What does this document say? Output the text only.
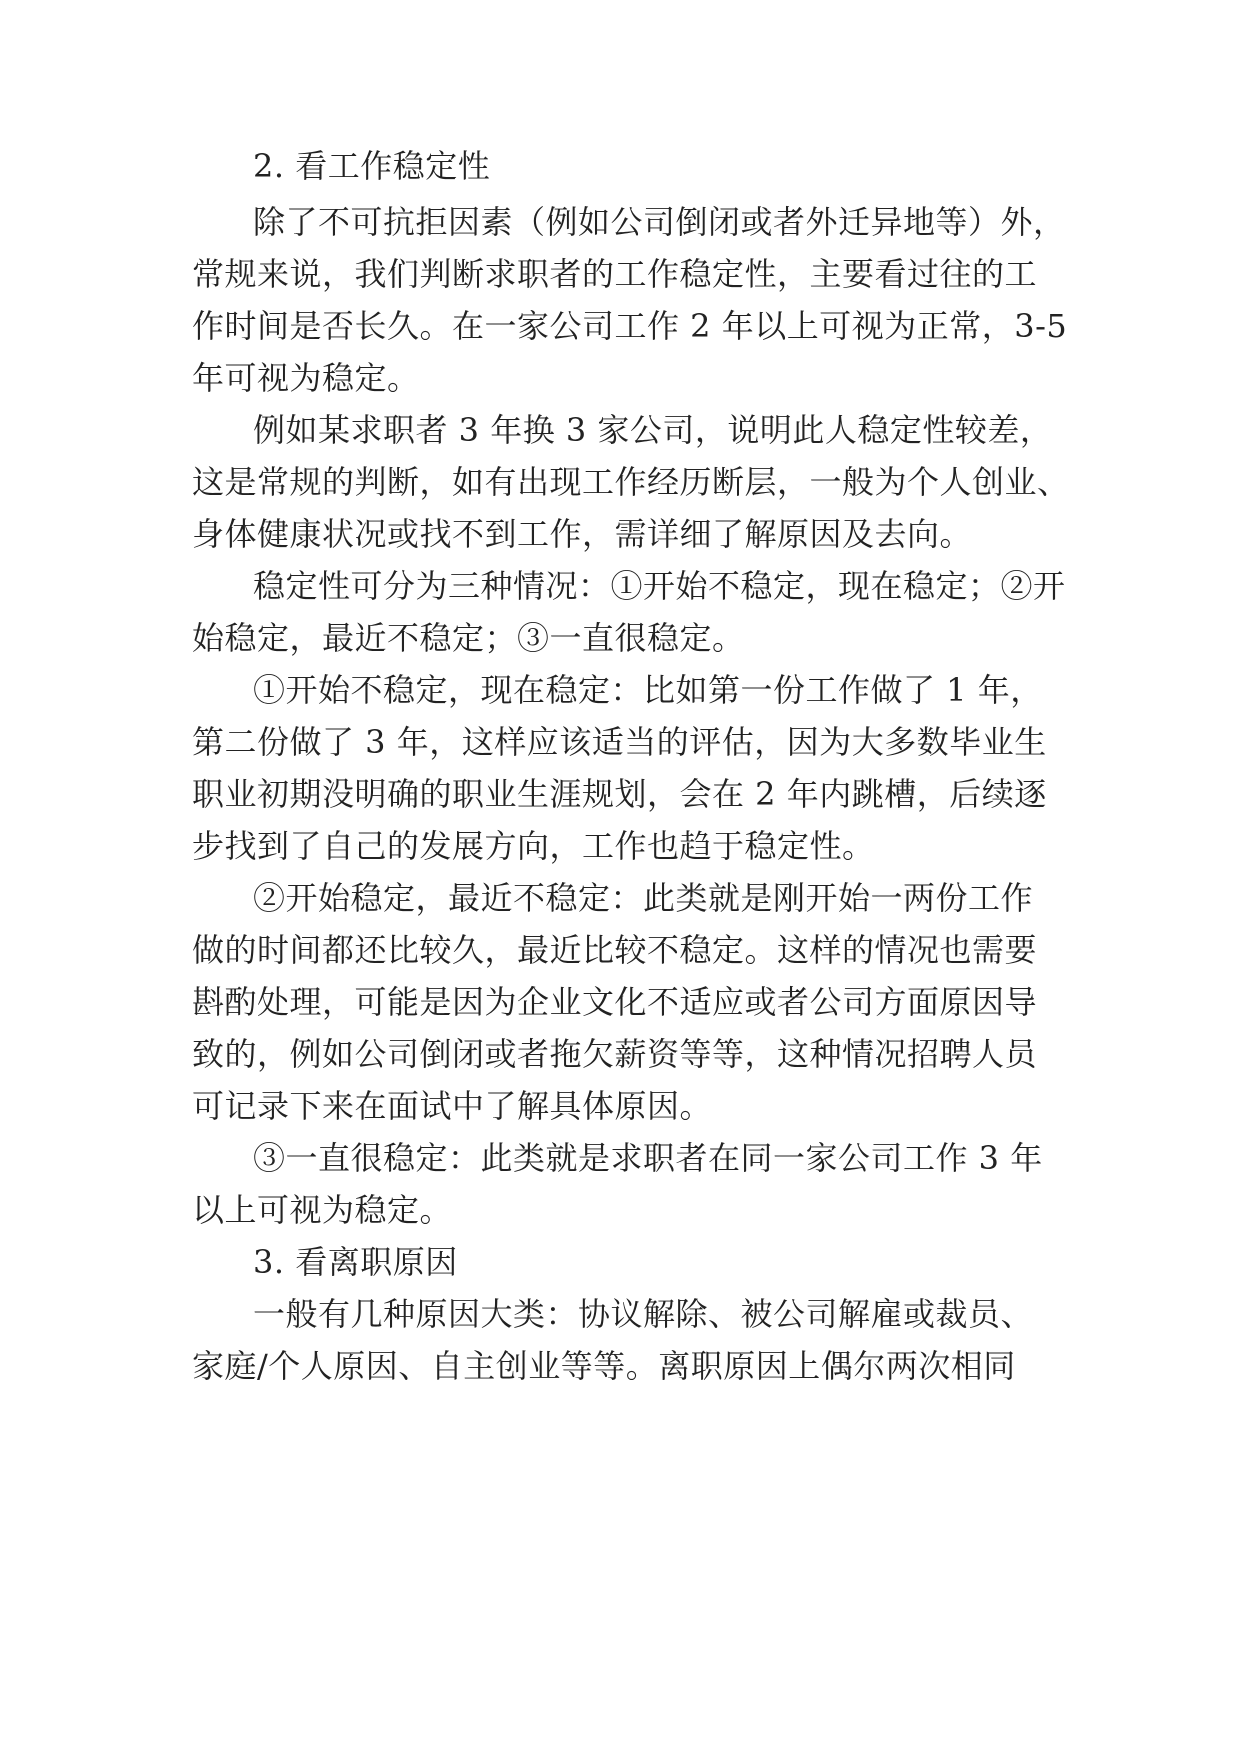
2. 看工作稳定性
除了不可抗拒因素（例如公司倒闭或者外迁异地等）外，
常规来说，我们判断求职者的工作稳定性，主要看过往的工
作时间是否长久。在一家公司工作 2 年以上可视为正常，3-5
年可视为稳定。
例如某求职者 3 年换 3 家公司，说明此人稳定性较差，
这是常规的判断，如有出现工作经历断层，一般为个人创业、
身体健康状况或找不到工作，需详细了解原因及去向。
稳定性可分为三种情况：①开始不稳定，现在稳定；②开
始稳定，最近不稳定；③一直很稳定。
①开始不稳定，现在稳定：比如第一份工作做了 1 年，
第二份做了 3 年，这样应该适当的评估，因为大多数毕业生
职业初期没明确的职业生涯规划，会在 2 年内跳槽，后续逐
步找到了自己的发展方向，工作也趋于稳定性。
②开始稳定，最近不稳定：此类就是刚开始一两份工作
做的时间都还比较久，最近比较不稳定。这样的情况也需要
斟酌处理，可能是因为企业文化不适应或者公司方面原因导
致的，例如公司倒闭或者拖欠薪资等等，这种情况招聘人员
可记录下来在面试中了解具体原因。
③一直很稳定：此类就是求职者在同一家公司工作 3 年
以上可视为稳定。
3. 看离职原因
一般有几种原因大类：协议解除、被公司解雇或裁员、
家庭/个人原因、自主创业等等。离职原因上偶尔两次相同
